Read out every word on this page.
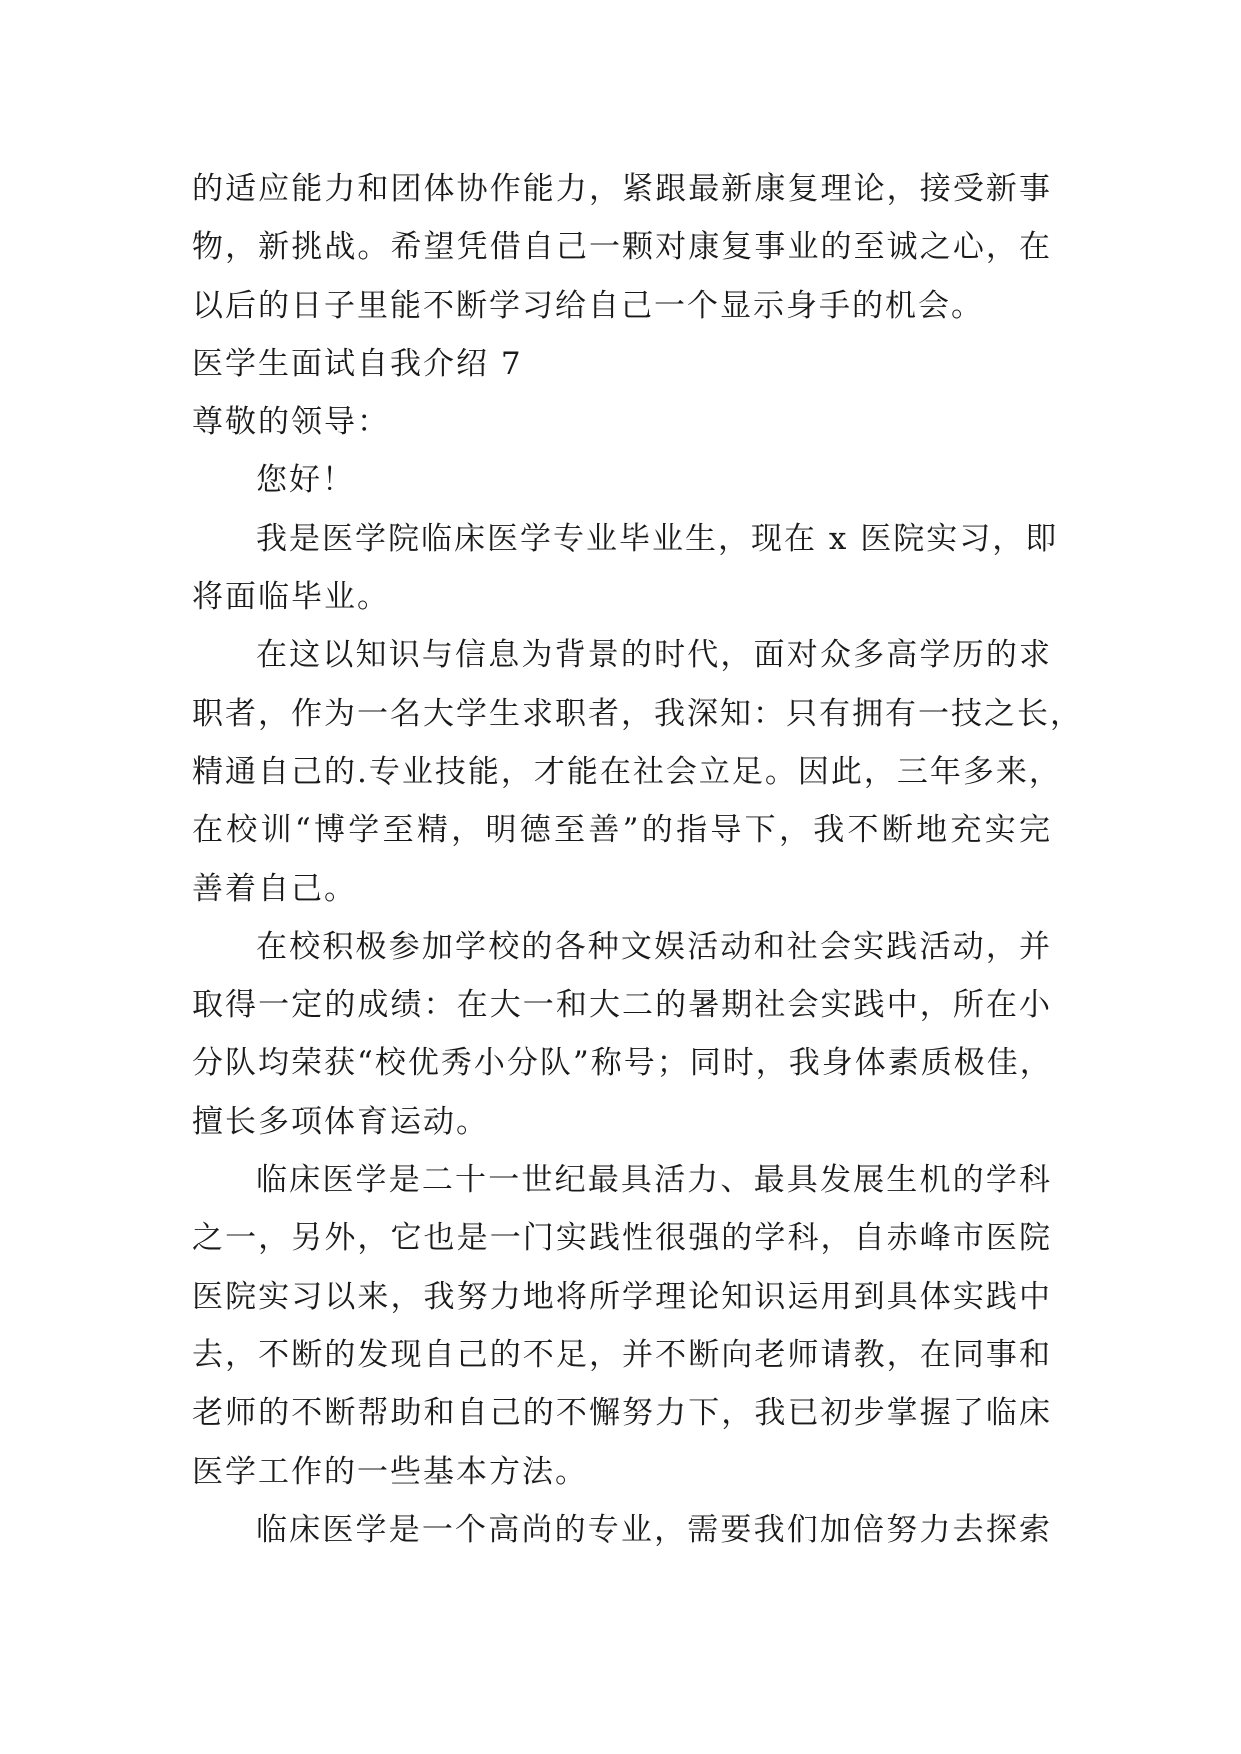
的适应能力和团体协作能力，紧跟最新康复理论，接受新事
物，新挑战。希望凭借自己一颗对康复事业的至诚之心，在
以后的日子里能不断学习给自己一个显示身手的机会。
医学生面试自我介绍 7
尊敬的领导：
您好！
我是医学院临床医学专业毕业生，现在 x 医院实习，即
将面临毕业。
在这以知识与信息为背景的时代，面对众多高学历的求
职者，作为一名大学生求职者，我深知：只有拥有一技之长，
精通自己的.专业技能，才能在社会立足。因此，三年多来，
在校训“博学至精，明德至善”的指导下，我不断地充实完
善着自己。
在校积极参加学校的各种文娱活动和社会实践活动，并
取得一定的成绩：在大一和大二的暑期社会实践中，所在小
分队均荣获“校优秀小分队”称号；同时，我身体素质极佳，
擅长多项体育运动。
临床医学是二十一世纪最具活力、最具发展生机的学科
之一，另外，它也是一门实践性很强的学科，自赤峰市医院
医院实习以来，我努力地将所学理论知识运用到具体实践中
去，不断的发现自己的不足，并不断向老师请教，在同事和
老师的不断帮助和自己的不懈努力下，我已初步掌握了临床
医学工作的一些基本方法。
临床医学是一个高尚的专业，需要我们加倍努力去探索
